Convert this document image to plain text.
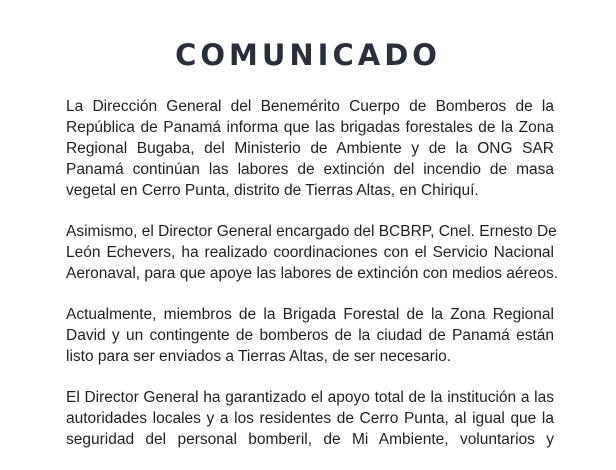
COMUNICADO

La Dirección General del Benemérito Cuerpo de Bomberos de la
República de Panamá informa que las brigadas forestales de la Zona
Regional Bugaba, del Ministerio de Ambiente y de la ONG SAR
Panamá continúan las labores de extinción del incendio de masa
vegetal en Cerro Punta, distrito de Tierras Altas, en Chiriquí.

Asimismo, el Director General encargado del BCBRP, Cnel. Ernesto De
León Echevers, ha realizado coordinaciones con el Servicio Nacional
Aeronaval, para que apoye las labores de extinción con medios aéreos.

Actualmente, miembros de la Brigada Forestal de la Zona Regional
David y un contingente de bomberos de la ciudad de Panamá están
listo para ser enviados a Tierras Altas, de ser necesario.

El Director General ha garantizado el apoyo total de la institución a las
autoridades locales y a los residentes de Cerro Punta, al igual que la
seguridad del personal bomberil, de Mi Ambiente, voluntarios y
